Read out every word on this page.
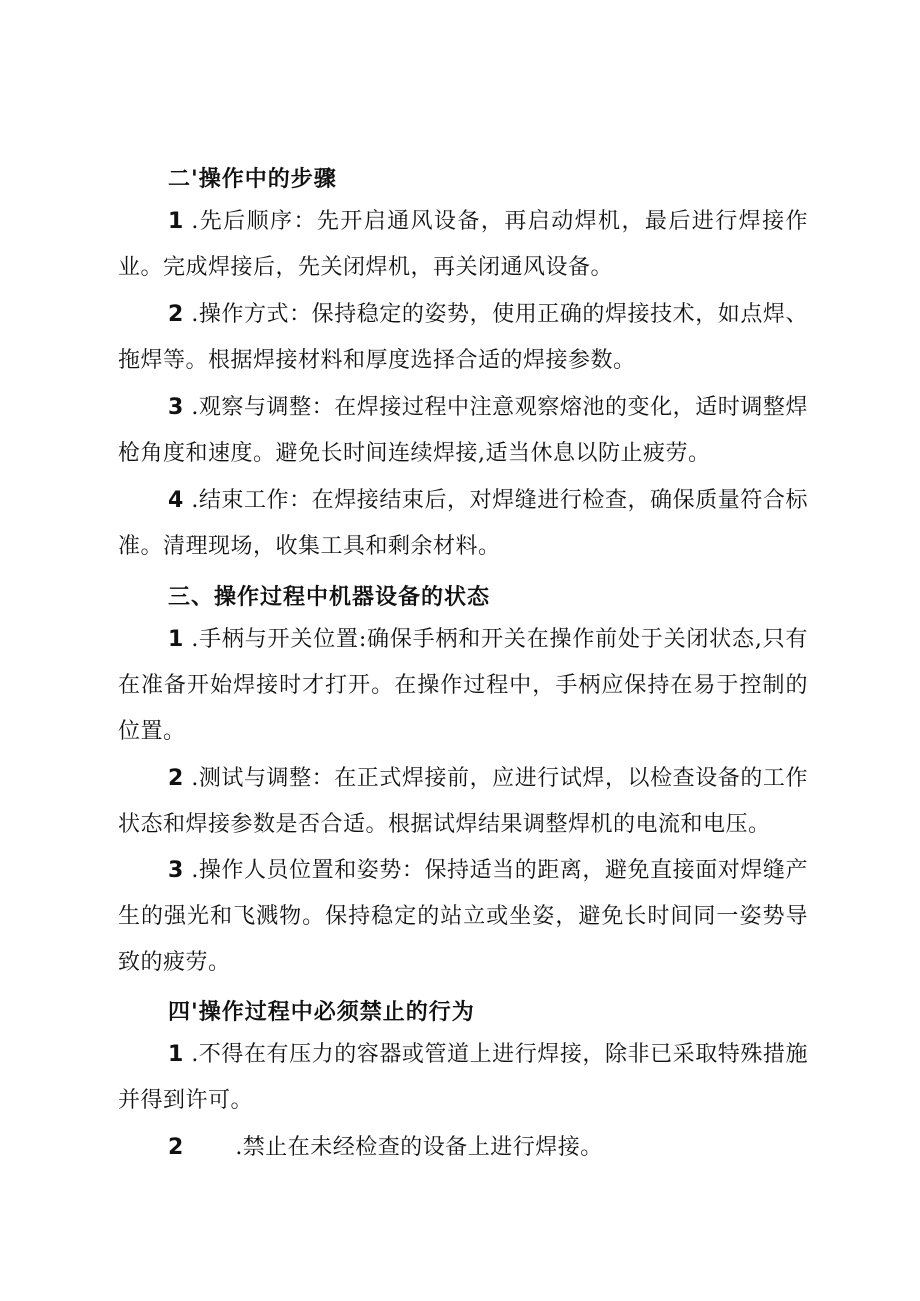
二'操作中的步骤

1 .先后顺序：先开启通风设备，再启动焊机，最后进行焊接作业。完成焊接后，先关闭焊机，再关闭通风设备。

2 .操作方式：保持稳定的姿势，使用正确的焊接技术，如点焊、拖焊等。根据焊接材料和厚度选择合适的焊接参数。

3 .观察与调整：在焊接过程中注意观察熔池的变化，适时调整焊枪角度和速度。避免长时间连续焊接,适当休息以防止疲劳。

4 .结束工作：在焊接结束后，对焊缝进行检查，确保质量符合标准。清理现场，收集工具和剩余材料。

三、操作过程中机器设备的状态

1 .手柄与开关位置:确保手柄和开关在操作前处于关闭状态,只有在准备开始焊接时才打开。在操作过程中，手柄应保持在易于控制的位置。

2 .测试与调整：在正式焊接前，应进行试焊，以检查设备的工作状态和焊接参数是否合适。根据试焊结果调整焊机的电流和电压。

3 .操作人员位置和姿势：保持适当的距离，避免直接面对焊缝产生的强光和飞溅物。保持稳定的站立或坐姿，避免长时间同一姿势导致的疲劳。

四'操作过程中必须禁止的行为

1 .不得在有压力的容器或管道上进行焊接，除非已采取特殊措施并得到许可。

2 .禁止在未经检查的设备上进行焊接。
